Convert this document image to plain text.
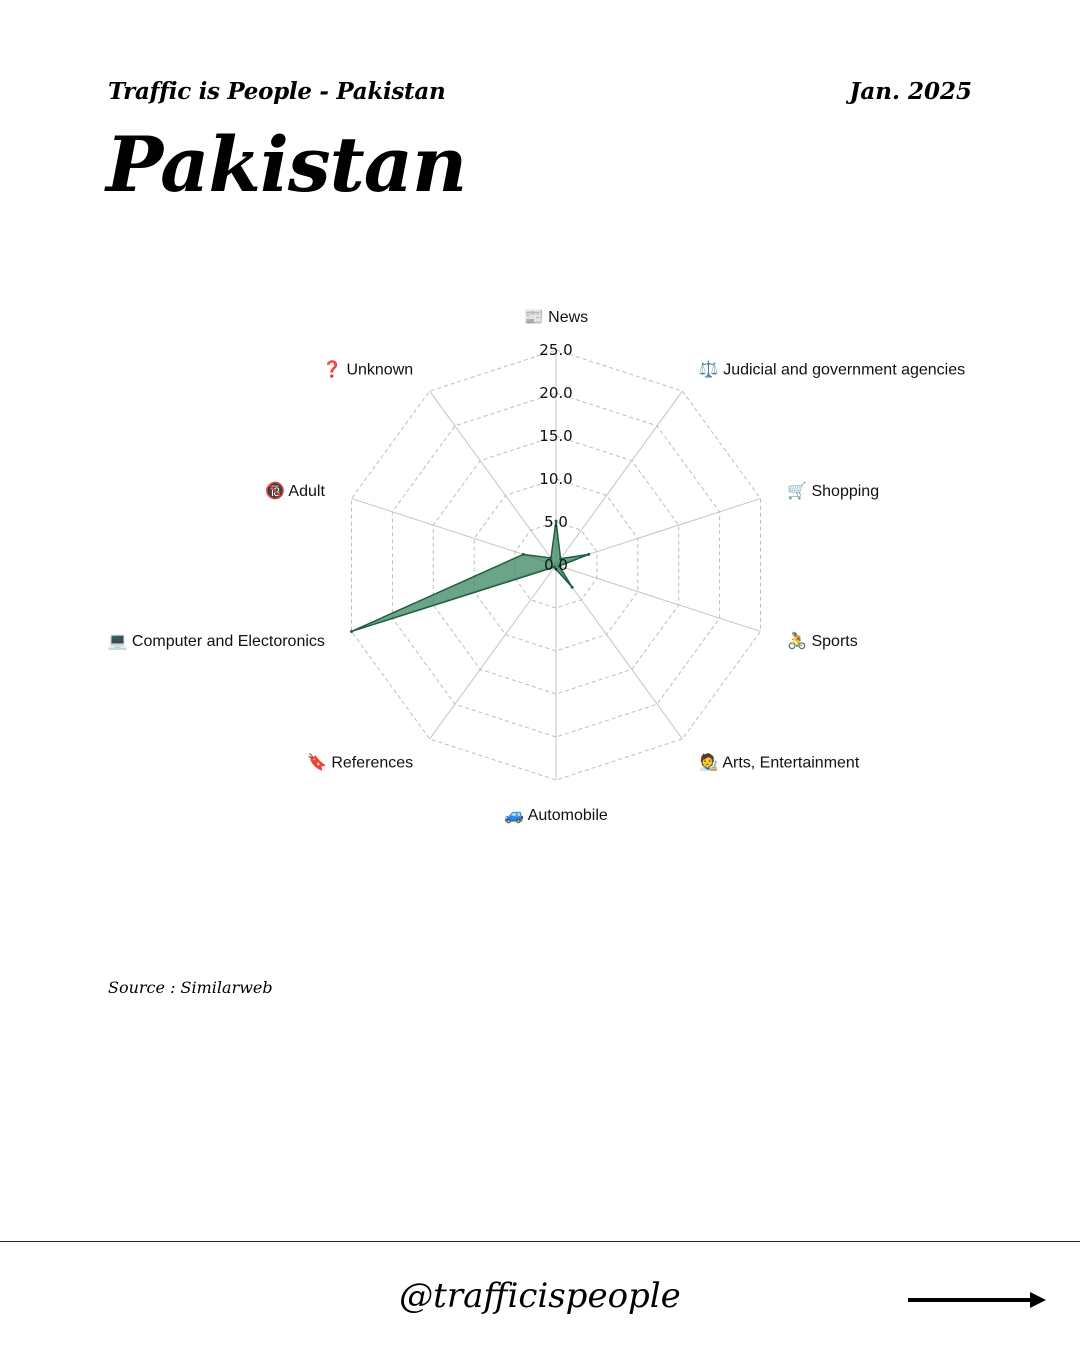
Traffic is People - Pakistan	Jan. 2025
Pakistan
0.0
5.0
10.0
15.0
20.0
25.0
📰 News
⚖️ Judicial and government agencies
🛒 Shopping
🚴 Sports
🧑‍🎨 Arts, Entertainment
🚙 Automobile
🔖 References
💻 Computer and Electoronics
🔞 Adult
❓ Unknown
Source : Similarweb
@trafficispeople
